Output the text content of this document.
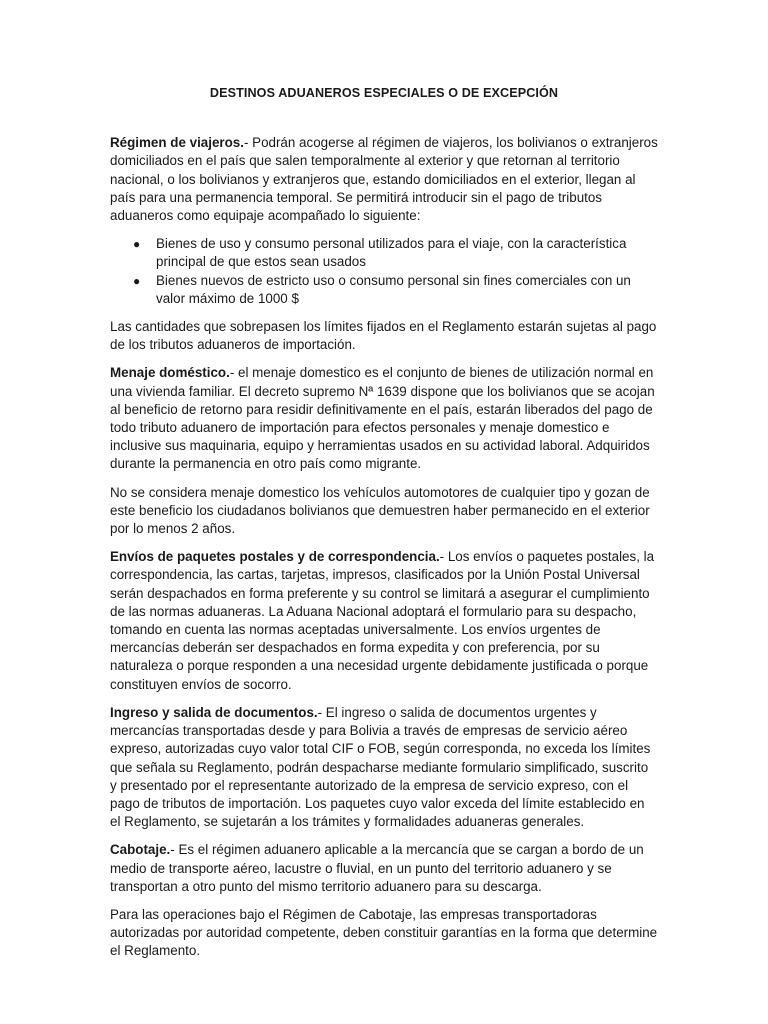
DESTINOS ADUANEROS ESPECIALES O DE EXCEPCIÓN

Régimen de viajeros.- Podrán acogerse al régimen de viajeros, los bolivianos o extranjeros domiciliados en el país que salen temporalmente al exterior y que retornan al territorio nacional, o los bolivianos y extranjeros que, estando domiciliados en el exterior, llegan al país para una permanencia temporal. Se permitirá introducir sin el pago de tributos aduaneros como equipaje acompañado lo siguiente:

● Bienes de uso y consumo personal utilizados para el viaje, con la característica principal de que estos sean usados
● Bienes nuevos de estricto uso o consumo personal sin fines comerciales con un valor máximo de 1000 $

Las cantidades que sobrepasen los límites fijados en el Reglamento estarán sujetas al pago de los tributos aduaneros de importación.

Menaje doméstico.- el menaje domestico es el conjunto de bienes de utilización normal en una vivienda familiar. El decreto supremo Nª 1639 dispone que los bolivianos que se acojan al beneficio de retorno para residir definitivamente en el país, estarán liberados del pago de todo tributo aduanero de importación para efectos personales y menaje domestico e inclusive sus maquinaria, equipo y herramientas usados en su actividad laboral. Adquiridos durante la permanencia en otro país como migrante.

No se considera menaje domestico los vehículos automotores de cualquier tipo y gozan de este beneficio los ciudadanos bolivianos que demuestren haber permanecido en el exterior por lo menos 2 años.

Envíos de paquetes postales y de correspondencia.- Los envíos o paquetes postales, la correspondencia, las cartas, tarjetas, impresos, clasificados por la Unión Postal Universal serán despachados en forma preferente y su control se limitará a asegurar el cumplimiento de las normas aduaneras. La Aduana Nacional adoptará el formulario para su despacho, tomando en cuenta las normas aceptadas universalmente. Los envíos urgentes de mercancías deberán ser despachados en forma expedita y con preferencia, por su naturaleza o porque responden a una necesidad urgente debidamente justificada o porque constituyen envíos de socorro.

Ingreso y salida de documentos.- El ingreso o salida de documentos urgentes y mercancías transportadas desde y para Bolivia a través de empresas de servicio aéreo expreso, autorizadas cuyo valor total CIF o FOB, según corresponda, no exceda los límites que señala su Reglamento, podrán despacharse mediante formulario simplificado, suscrito y presentado por el representante autorizado de la empresa de servicio expreso, con el pago de tributos de importación. Los paquetes cuyo valor exceda del límite establecido en el Reglamento, se sujetarán a los trámites y formalidades aduaneras generales.

Cabotaje.- Es el régimen aduanero aplicable a la mercancía que se cargan a bordo de un medio de transporte aéreo, lacustre o fluvial, en un punto del territorio aduanero y se transportan a otro punto del mismo territorio aduanero para su descarga.

Para las operaciones bajo el Régimen de Cabotaje, las empresas transportadoras autorizadas por autoridad competente, deben constituir garantías en la forma que determine el Reglamento.
